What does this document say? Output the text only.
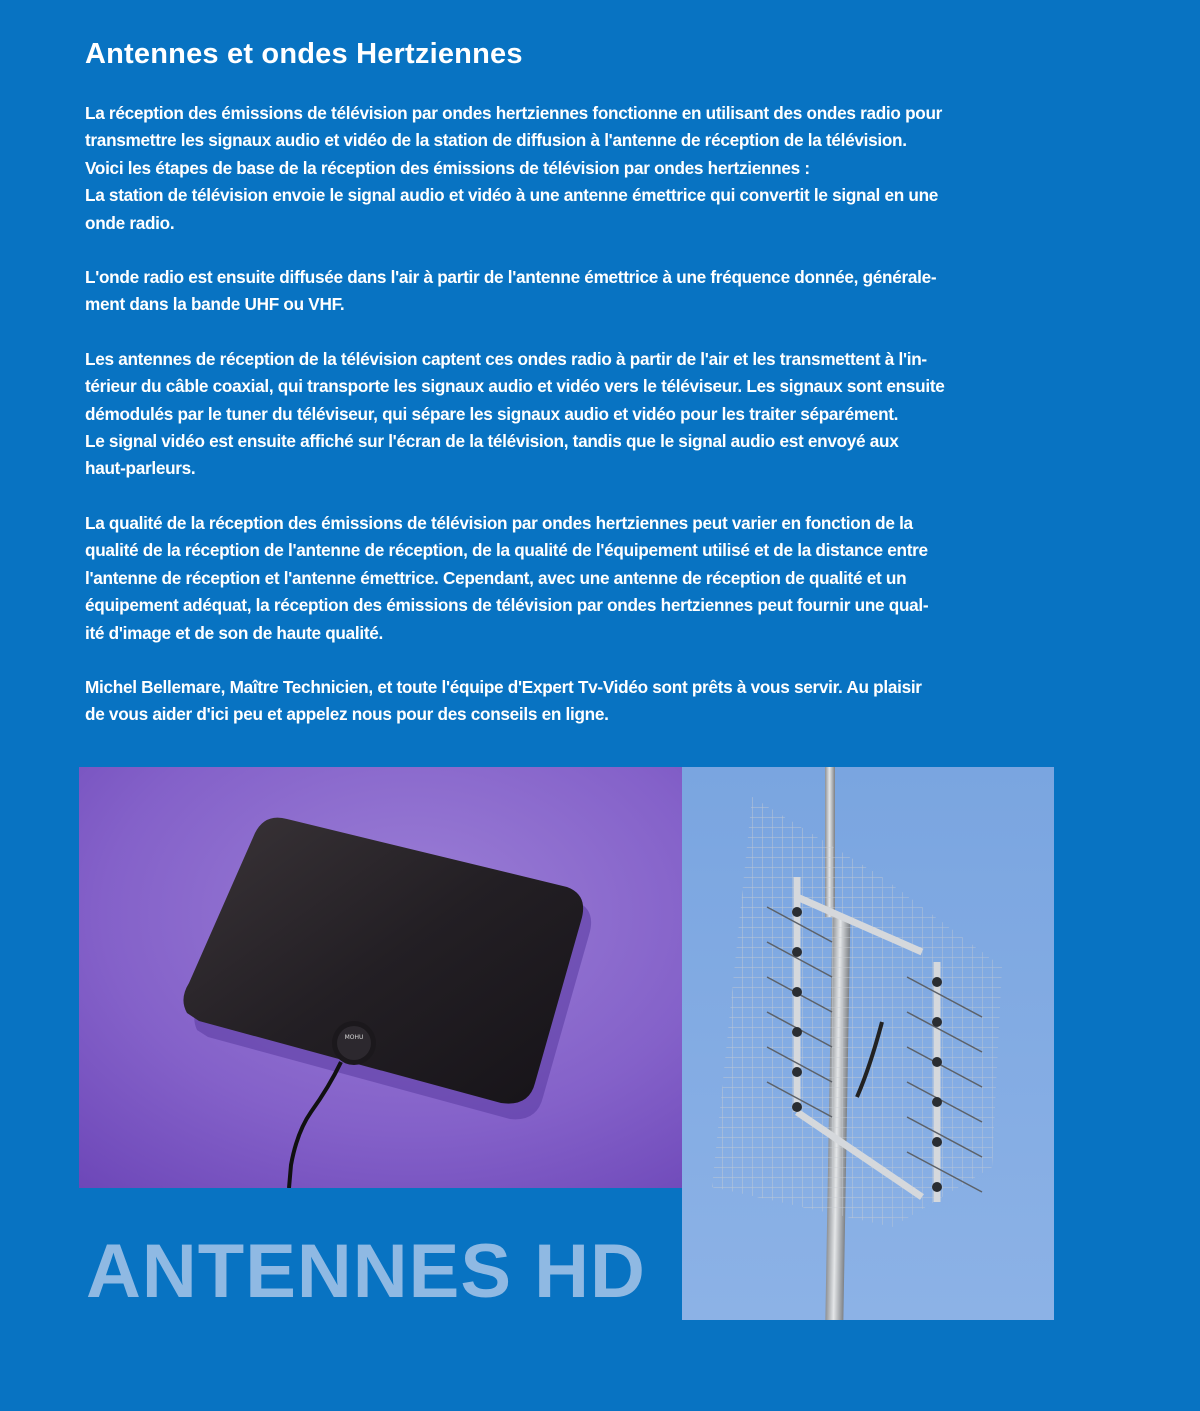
Antennes et ondes Hertziennes

La réception des émissions de télévision par ondes hertziennes fonctionne en utilisant des ondes radio pour
transmettre les signaux audio et vidéo de la station de diffusion à l'antenne de réception de la télévision.
Voici les étapes de base de la réception des émissions de télévision par ondes hertziennes :
La station de télévision envoie le signal audio et vidéo à une antenne émettrice qui convertit le signal en une
onde radio.

L'onde radio est ensuite diffusée dans l'air à partir de l'antenne émettrice à une fréquence donnée, générale-
ment dans la bande UHF ou VHF.

Les antennes de réception de la télévision captent ces ondes radio à partir de l'air et les transmettent à l'in-
térieur du câble coaxial, qui transporte les signaux audio et vidéo vers le téléviseur. Les signaux sont ensuite
démodulés par le tuner du téléviseur, qui sépare les signaux audio et vidéo pour les traiter séparément.
Le signal vidéo est ensuite affiché sur l'écran de la télévision, tandis que le signal audio est envoyé aux
haut-parleurs.

La qualité de la réception des émissions de télévision par ondes hertziennes peut varier en fonction de la
qualité de la réception de l'antenne de réception, de la qualité de l'équipement utilisé et de la distance entre
l'antenne de réception et l'antenne émettrice. Cependant, avec une antenne de réception de qualité et un
équipement adéquat, la réception des émissions de télévision par ondes hertziennes peut fournir une qual-
ité d'image et de son de haute qualité.

Michel Bellemare, Maître Technicien, et toute l'équipe d'Expert Tv-Vidéo sont prêts à vous servir. Au plaisir
de vous aider d'ici peu et appelez nous pour des conseils en ligne.

MOHU
ANTENNES HD
